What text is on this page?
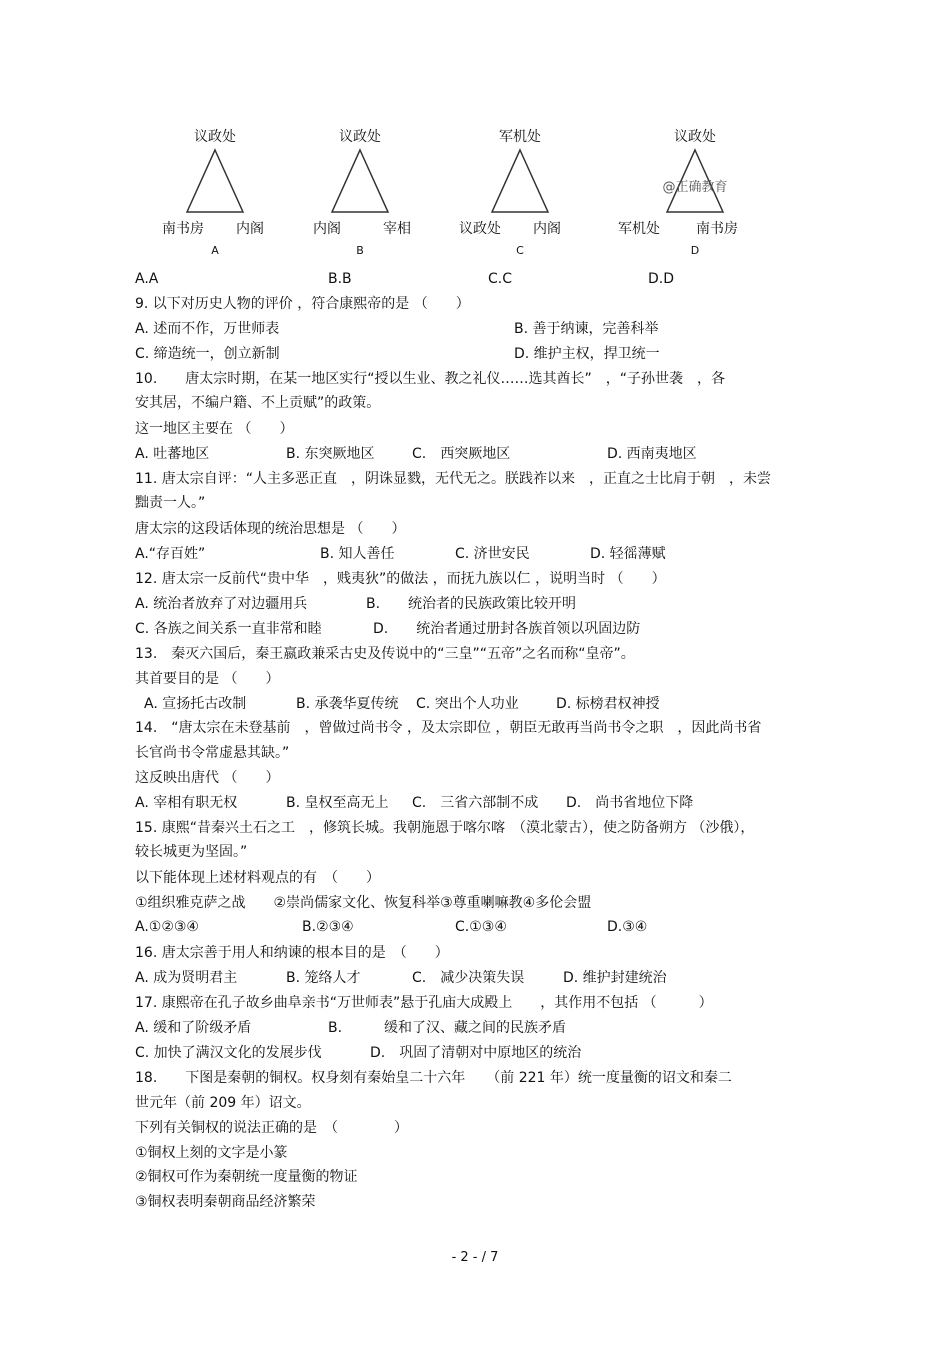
议政处
南书房 内阁
A
议政处
内阁	宰相
B
军机处
议政处 内阁
C
议政处
@正确教育
军机处	南书房
D
A.A	B.B	C.C	D.D
9. 以下对历史人物的评价 ，符合康熙帝的是 （　　）
A. 述而不作，万世师表	B. 善于纳谏，完善科举
C. 缔造统一，创立新制	D. 维护主权，捍卫统一
10.　　唐太宗时期，在某一地区实行“授以生业、教之礼仪……选其酋长”　，“子孙世袭　，各
安其居，不编户籍、不上贡赋”的政策。
这一地区主要在 （　　）
A. 吐蕃地区	B. 东突厥地区	C.　西突厥地区	D. 西南夷地区
11. 唐太宗自评：“人主多恶正直　，阴诛显戮，无代无之。朕践祚以来　，正直之士比肩于朝　，未尝
黜责一人。”
唐太宗的这段话体现的统治思想是 （　　）
A.“存百姓”	B. 知人善任	C. 济世安民	D. 轻徭薄赋
12. 唐太宗一反前代“贵中华　，贱夷狄”的做法 ，而抚九族以仁 ，说明当时 （　　）
A. 统治者放弃了对边疆用兵	B.　　统治者的民族政策比较开明
C. 各族之间关系一直非常和睦	D.　　统治者通过册封各族首领以巩固边防
13.　秦灭六国后，秦王嬴政兼采古史及传说中的“三皇”“五帝”之名而称“皇帝”。
其首要目的是 （　　）
A. 宣扬托古改制	B. 承袭华夏传统 C. 突出个人功业	D. 标榜君权神授
14.　“唐太宗在未登基前　，曾做过尚书令 ，及太宗即位 ，朝臣无敢再当尚书令之职　，因此尚书省
长官尚书令常虚悬其缺。”
这反映出唐代 （　　）
A. 宰相有职无权	B. 皇权至高无上 C.　三省六部制不成 D.　尚书省地位下降
15. 康熙“昔秦兴土石之工　，修筑长城。我朝施恩于喀尔喀　（漠北蒙古），使之防备朔方 （沙俄），
较长城更为坚固。”
以下能体现上述材料观点的有　（　　）
①组织雅克萨之战　　②崇尚儒家文化、恢复科举③尊重喇嘛教④多伦会盟
A.①②③④	B.②③④	C.①③④	D.③④
16. 唐太宗善于用人和纳谏的根本目的是　（　　）
A. 成为贤明君主	B. 笼络人才	C.　减少决策失误	D. 维护封建统治
17. 康熙帝在孔子故乡曲阜亲书“万世师表”悬于孔庙大成殿上　　，其作用不包括 （　　　）
A. 缓和了阶级矛盾	B.　　　缓和了汉、藏之间的民族矛盾
C. 加快了满汉文化的发展步伐	D.　巩固了清朝对中原地区的统治
18.　　下图是秦朝的铜权。权身刻有秦始皇二十六年　　（前 221 年）统一度量衡的诏文和秦二
世元年（前 209 年）诏文。
下列有关铜权的说法正确的是　（　　　　）
①铜权上刻的文字是小篆
②铜权可作为秦朝统一度量衡的物证
③铜权表明秦朝商品经济繁荣
- 2 - / 7
